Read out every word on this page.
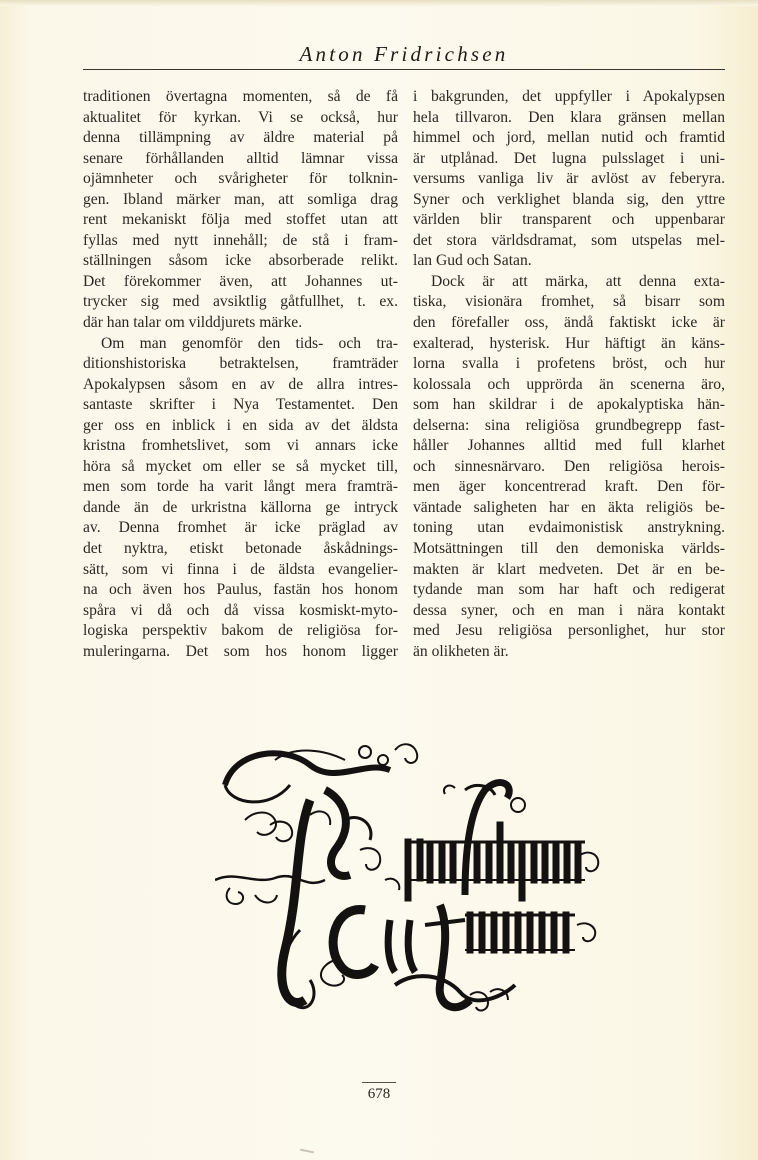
Anton Fridrichsen
traditionen övertagna momenten, så de få
aktualitet för kyrkan. Vi se också, hur
denna tillämpning av äldre material på
senare förhållanden alltid lämnar vissa
ojämnheter och svårigheter för tolknin-
gen. Ibland märker man, att somliga drag
rent mekaniskt följa med stoffet utan att
fyllas med nytt innehåll; de stå i fram-
ställningen såsom icke absorberade relikt.
Det förekommer även, att Johannes ut-
trycker sig med avsiktlig gåtfullhet, t. ex.
där han talar om vilddjurets märke.
Om man genomför den tids- och tra-
ditionshistoriska betraktelsen, framträder
Apokalypsen såsom en av de allra intres-
santaste skrifter i Nya Testamentet. Den
ger oss en inblick i en sida av det äldsta
kristna fromhetslivet, som vi annars icke
höra så mycket om eller se så mycket till,
men som torde ha varit långt mera framträ-
dande än de urkristna källorna ge intryck
av. Denna fromhet är icke präglad av
det nyktra, etiskt betonade åskådnings-
sätt, som vi finna i de äldsta evangelier-
na och även hos Paulus, fastän hos honom
spåra vi då och då vissa kosmiskt-myto-
logiska perspektiv bakom de religiösa for-
muleringarna. Det som hos honom ligger
i bakgrunden, det uppfyller i Apokalypsen
hela tillvaron. Den klara gränsen mellan
himmel och jord, mellan nutid och framtid
är utplånad. Det lugna pulsslaget i uni-
versums vanliga liv är avlöst av feberyra.
Syner och verklighet blanda sig, den yttre
världen blir transparent och uppenbarar
det stora världsdramat, som utspelas mel-
lan Gud och Satan.
Dock är att märka, att denna exta-
tiska, visionära fromhet, så bisarr som
den förefaller oss, ändå faktiskt icke är
exalterad, hysterisk. Hur häftigt än käns-
lorna svalla i profetens bröst, och hur
kolossala och upprörda än scenerna äro,
som han skildrar i de apokalyptiska hän-
delserna: sina religiösa grundbegrepp fast-
håller Johannes alltid med full klarhet
och sinnesnärvaro. Den religiösa herois-
men äger koncentrerad kraft. Den för-
väntade saligheten har en äkta religiös be-
toning utan evdaimonistisk anstrykning.
Motsättningen till den demoniska världs-
makten är klart medveten. Det är en be-
tydande man som har haft och redigerat
dessa syner, och en man i nära kontakt
med Jesu religiösa personlighet, hur stor
än olikheten är.
678
